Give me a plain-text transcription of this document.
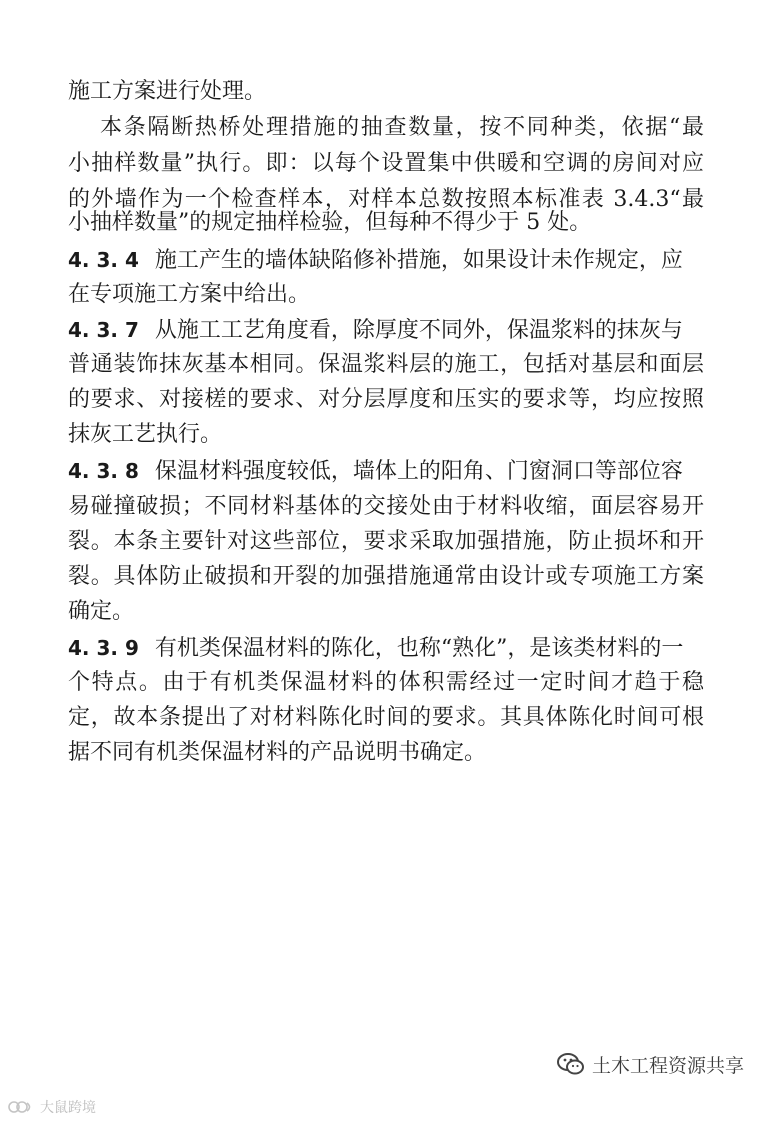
施工方案进行处理。
本条隔断热桥处理措施的抽查数量，按不同种类，依据“最
小抽样数量”执行。即：以每个设置集中供暖和空调的房间对应
的外墙作为一个检查样本，对样本总数按照本标准表 3.4.3“最
小抽样数量”的规定抽样检验，但每种不得少于 5 处。
4. 3. 4 施工产生的墙体缺陷修补措施，如果设计未作规定，应
在专项施工方案中给出。
4. 3. 7 从施工工艺角度看，除厚度不同外，保温浆料的抹灰与
普通装饰抹灰基本相同。保温浆料层的施工，包括对基层和面层
的要求、对接槎的要求、对分层厚度和压实的要求等，均应按照
抹灰工艺执行。
4. 3. 8 保温材料强度较低，墙体上的阳角、门窗洞口等部位容
易碰撞破损；不同材料基体的交接处由于材料收缩，面层容易开
裂。本条主要针对这些部位，要求采取加强措施，防止损坏和开
裂。具体防止破损和开裂的加强措施通常由设计或专项施工方案
确定。
4. 3. 9 有机类保温材料的陈化，也称“熟化”，是该类材料的一
个特点。由于有机类保温材料的体积需经过一定时间才趋于稳
定，故本条提出了对材料陈化时间的要求。其具体陈化时间可根
据不同有机类保温材料的产品说明书确定。
土木工程资源共享
大鼠跨境
